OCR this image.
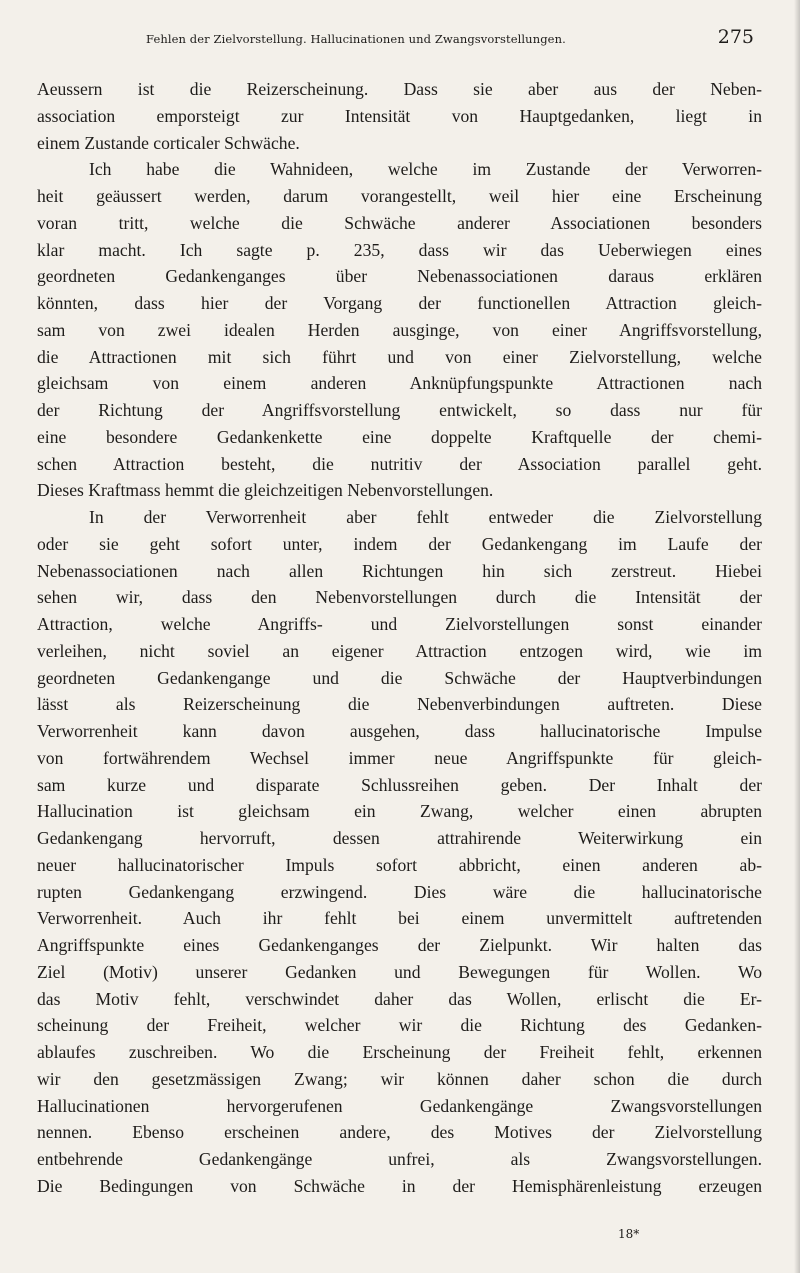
Fehlen der Zielvorstellung. Hallucinationen und Zwangsvorstellungen.	275
Aeussern ist die Reizerscheinung. Dass sie aber aus der Neben-
association emporsteigt zur Intensität von Hauptgedanken, liegt in
einem Zustande corticaler Schwäche.
Ich habe die Wahnideen, welche im Zustande der Verworren-
heit geäussert werden, darum vorangestellt, weil hier eine Erscheinung
voran tritt, welche die Schwäche anderer Associationen besonders
klar macht. Ich sagte p. 235, dass wir das Ueberwiegen eines
geordneten Gedankenganges über Nebenassociationen daraus erklären
könnten, dass hier der Vorgang der functionellen Attraction gleich-
sam von zwei idealen Herden ausginge, von einer Angriffsvorstellung,
die Attractionen mit sich führt und von einer Zielvorstellung, welche
gleichsam von einem anderen Anknüpfungspunkte Attractionen nach
der Richtung der Angriffsvorstellung entwickelt, so dass nur für
eine besondere Gedankenkette eine doppelte Kraftquelle der chemi-
schen Attraction besteht, die nutritiv der Association parallel geht.
Dieses Kraftmass hemmt die gleichzeitigen Nebenvorstellungen.
In der Verworrenheit aber fehlt entweder die Zielvorstellung
oder sie geht sofort unter, indem der Gedankengang im Laufe der
Nebenassociationen nach allen Richtungen hin sich zerstreut. Hiebei
sehen wir, dass den Nebenvorstellungen durch die Intensität der
Attraction, welche Angriffs- und Zielvorstellungen sonst einander
verleihen, nicht soviel an eigener Attraction entzogen wird, wie im
geordneten Gedankengange und die Schwäche der Hauptverbindungen
lässt als Reizerscheinung die Nebenverbindungen auftreten. Diese
Verworrenheit kann davon ausgehen, dass hallucinatorische Impulse
von fortwährendem Wechsel immer neue Angriffspunkte für gleich-
sam kurze und disparate Schlussreihen geben. Der Inhalt der
Hallucination ist gleichsam ein Zwang, welcher einen abrupten
Gedankengang hervorruft, dessen attrahirende Weiterwirkung ein
neuer hallucinatorischer Impuls sofort abbricht, einen anderen ab-
rupten Gedankengang erzwingend. Dies wäre die hallucinatorische
Verworrenheit. Auch ihr fehlt bei einem unvermittelt auftretenden
Angriffspunkte eines Gedankenganges der Zielpunkt. Wir halten das
Ziel (Motiv) unserer Gedanken und Bewegungen für Wollen. Wo
das Motiv fehlt, verschwindet daher das Wollen, erlischt die Er-
scheinung der Freiheit, welcher wir die Richtung des Gedanken-
ablaufes zuschreiben. Wo die Erscheinung der Freiheit fehlt, erkennen
wir den gesetzmässigen Zwang; wir können daher schon die durch
Hallucinationen hervorgerufenen Gedankengänge Zwangsvorstellungen
nennen. Ebenso erscheinen andere, des Motives der Zielvorstellung
entbehrende Gedankengänge unfrei, als Zwangsvorstellungen.
Die Bedingungen von Schwäche in der Hemisphärenleistung erzeugen
18*
